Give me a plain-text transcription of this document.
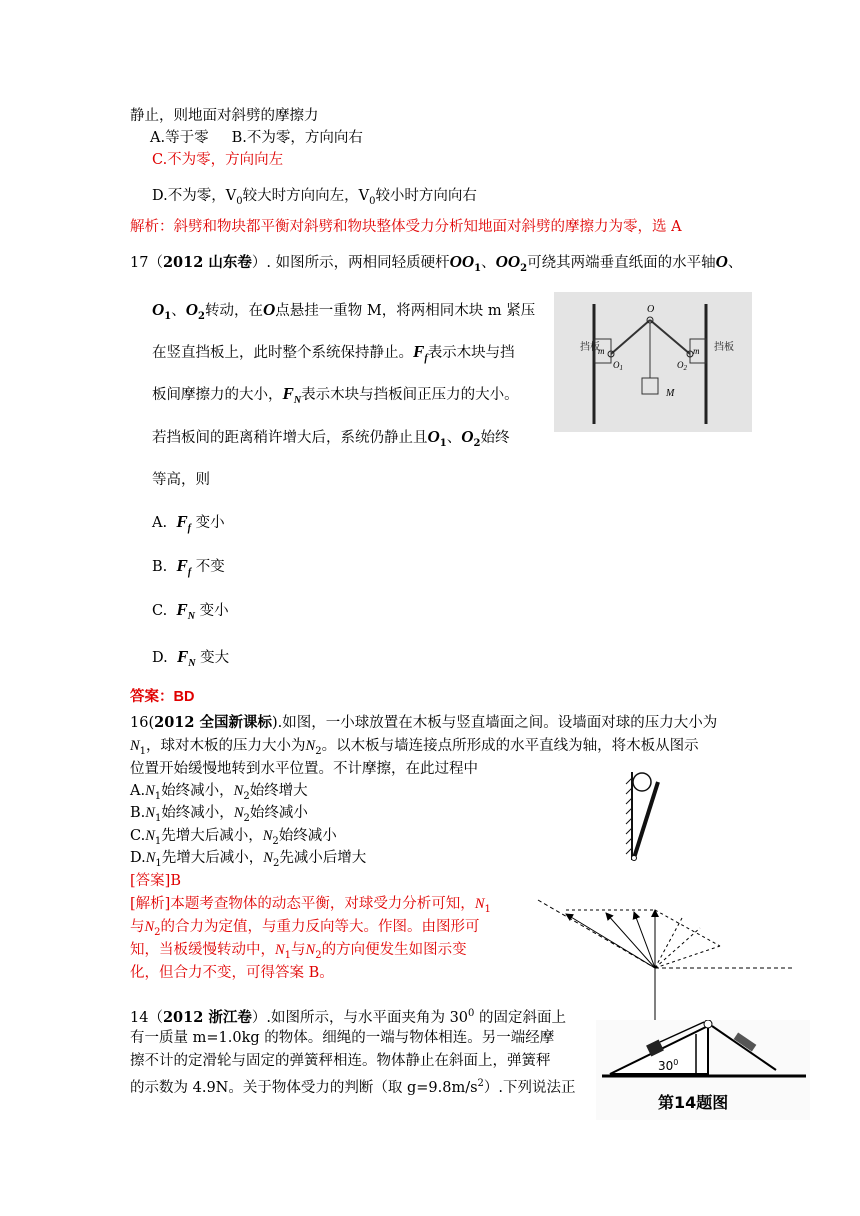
静止，则地面对斜劈的摩擦力
A.等于零 B.不为零，方向向右
C.不为零，方向向左
D.不为零，$V_0$较大时方向向左，$V_0$较小时方向向右
解析：斜劈和物块都平衡对斜劈和物块整体受力分析知地面对斜劈的摩擦力为零，选 A
17（2012 山东卷）. 如图所示，两相同轻质硬杆$OO_1$、$OO_2$可绕其两端垂直纸面的水平轴O、
$O_1$、$O_2$转动，在O点悬挂一重物 M，将两相同木块 m 紧压
在竖直挡板上，此时整个系统保持静止。$F_f$表示木块与挡
板间摩擦力的大小，$F_N$表示木块与挡板间正压力的大小。
若挡板间的距离稍许增大后，系统仍静止且$O_1$、$O_2$始终
等高，则
A. $F_f$ 变小
B. $F_f$ 不变
C. $F_N$ 变小
D. $F_N$ 变大
答案：BD
挡板	挡板
m	m
O
$O_1$	$O_2$
M
16(2012 全国新课标).如图，一小球放置在木板与竖直墙面之间。设墙面对球的压力大小为
$N_1$，球对木板的压力大小为$N_2$。以木板与墙连接点所形成的水平直线为轴，将木板从图示
位置开始缓慢地转到水平位置。不计摩擦，在此过程中
$A.N_1$始终减小，$N_2$始终增大
$B.N_1$始终减小，$N_2$始终减小
$C.N_1$先增大后减小，$N_2$始终减小
$D.N_1$先增大后减小，$N_2$先减小后增大
[答案]B
[解析]本题考查物体的动态平衡，对球受力分析可知，$N_1$
与$N_2$的合力为定值，与重力反向等大。作图。由图形可
知，当板缓慢转动中，$N_1$与$N_2$的方向便发生如图示变
化，但合力不变，可得答案 B。
14（2012 浙江卷）.如图所示，与水平面夹角为 $30^0$ 的固定斜面上
有一质量 m=1.0kg 的物体。细绳的一端与物体相连。另一端经摩
擦不计的定滑轮与固定的弹簧秤相连。物体静止在斜面上，弹簧秤
的示数为 4.9N。关于物体受力的判断（取 $g=9.8m/s^2$）.下列说法正
$30^0$
第14题图
